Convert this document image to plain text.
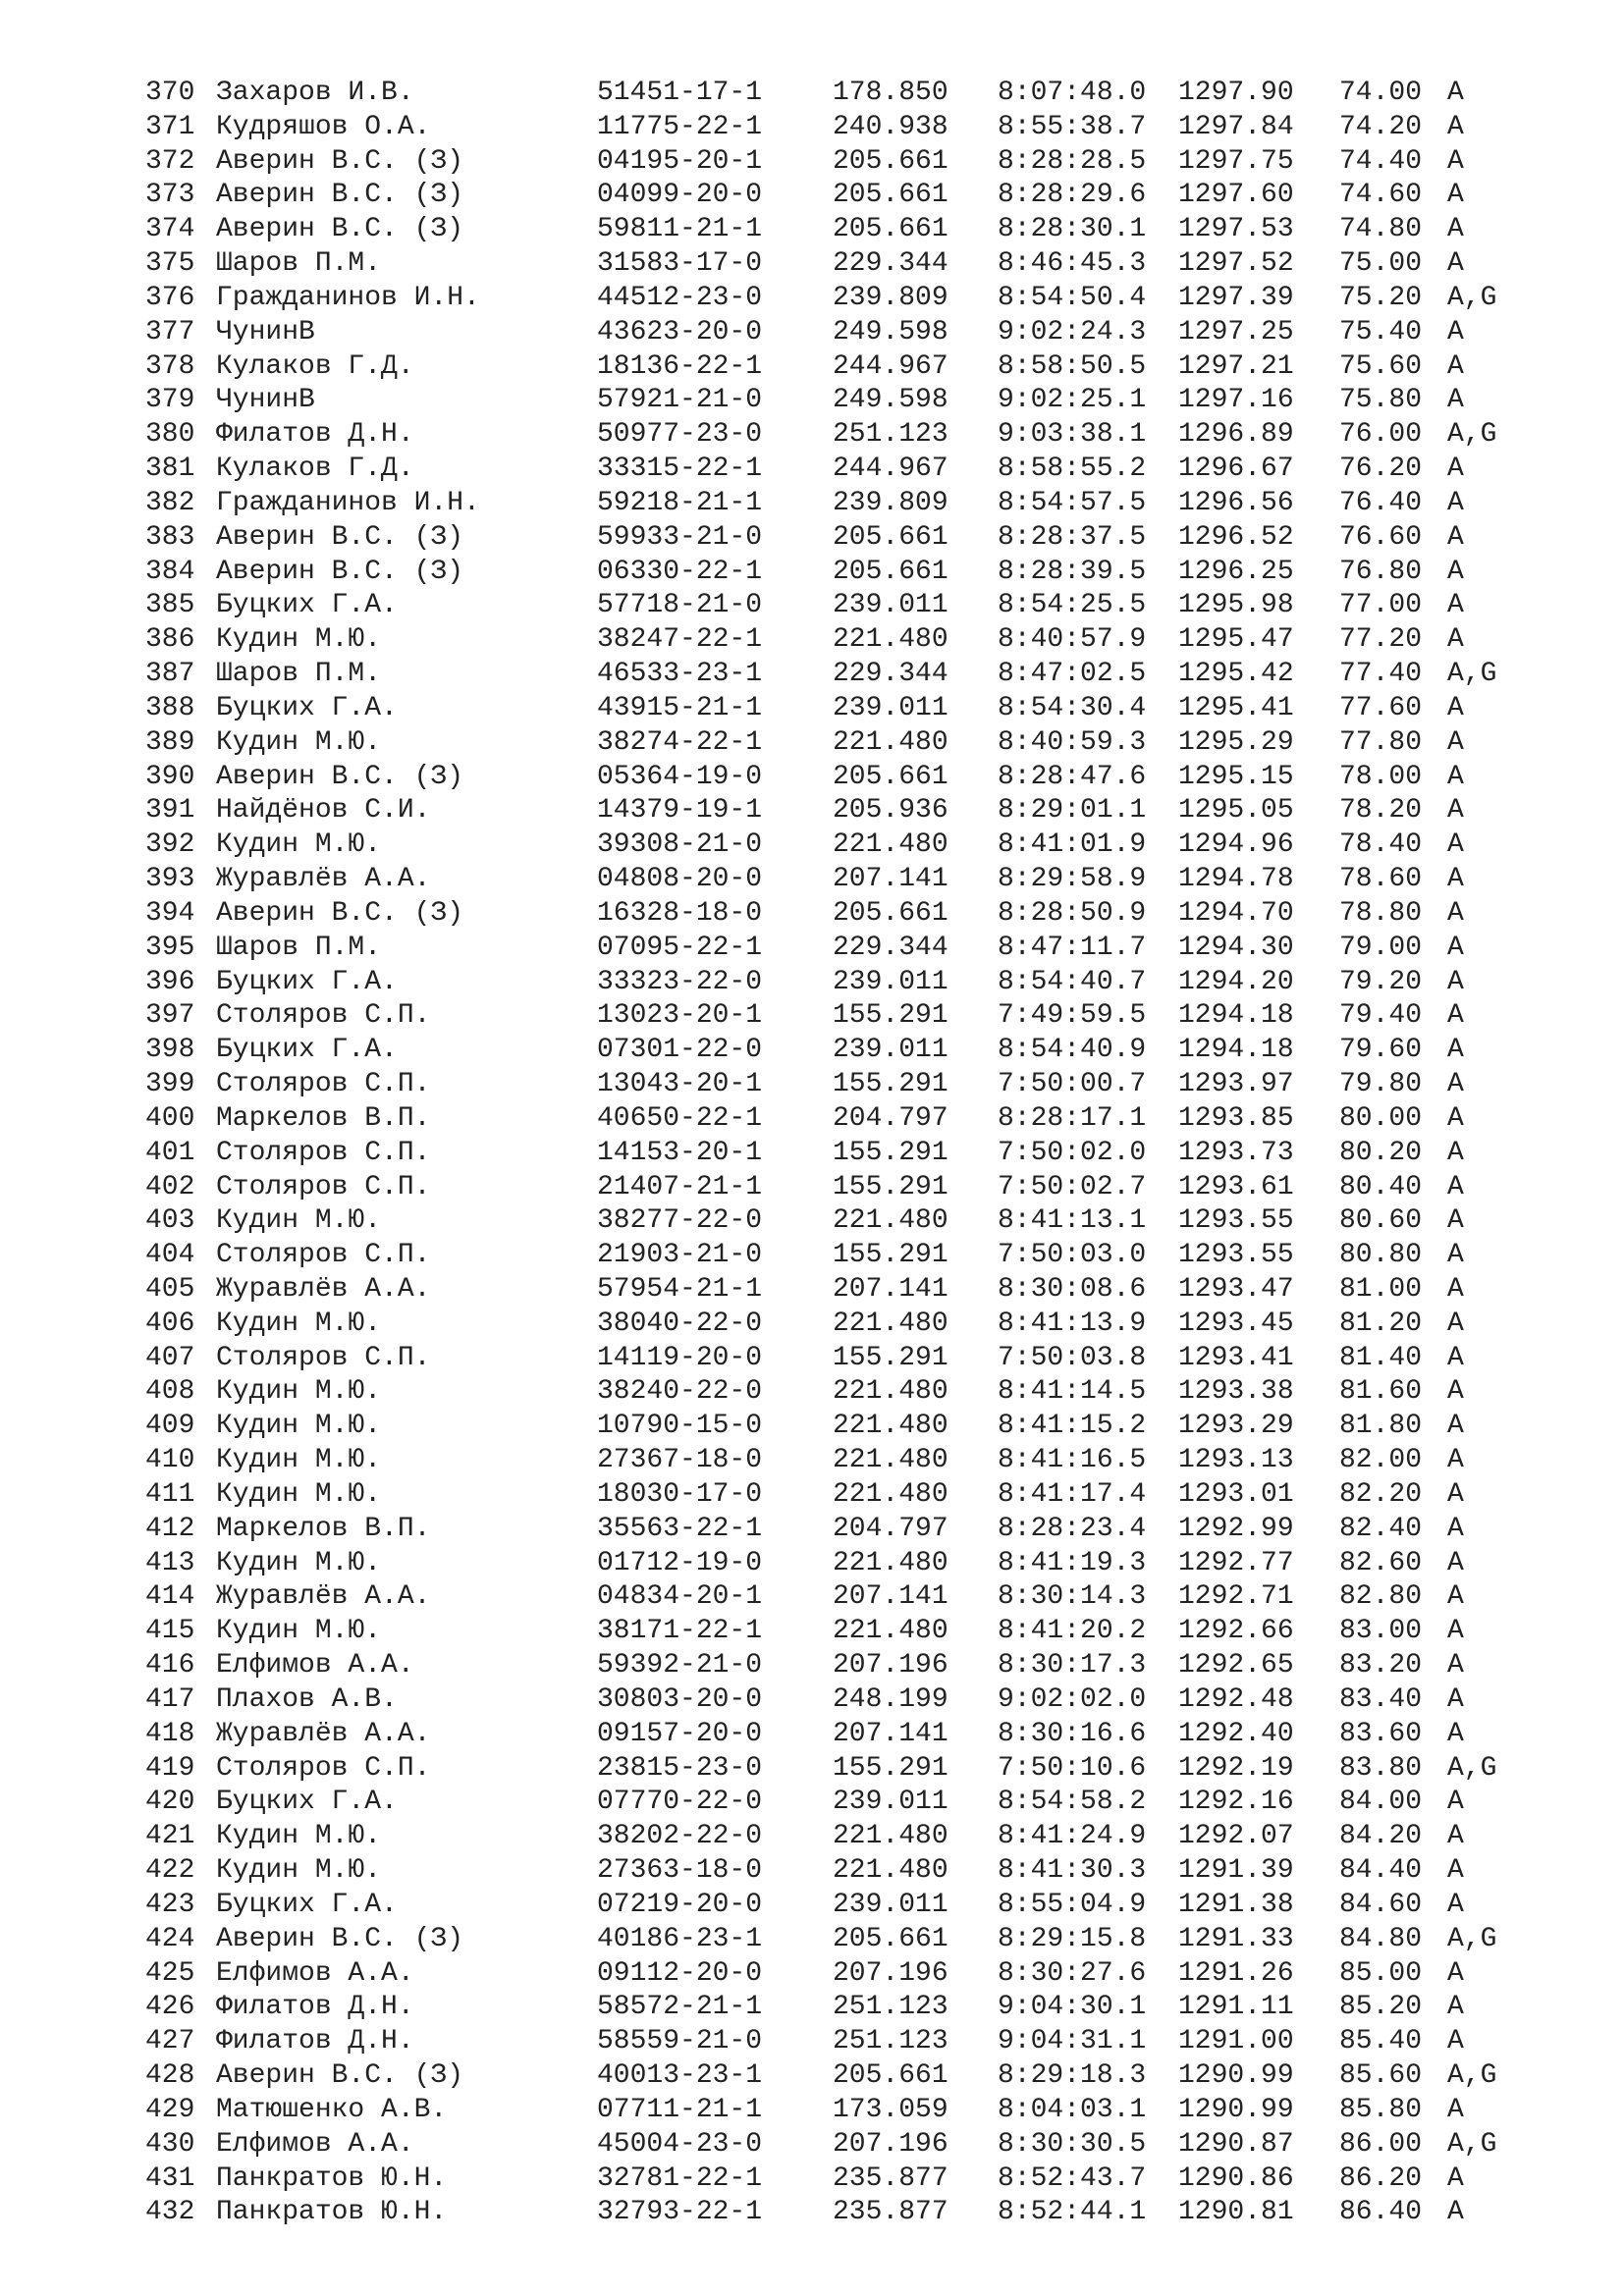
370 Захаров И.В.	51451-17-1	178.850 8:07:48.0 1297.90 74.00 A
371 Кудряшов О.А.	11775-22-1	240.938 8:55:38.7 1297.84 74.20 A
372 Аверин В.С. (З)	04195-20-1	205.661 8:28:28.5 1297.75 74.40 A
373 Аверин В.С. (З)	04099-20-0	205.661 8:28:29.6 1297.60 74.60 A
374 Аверин В.С. (З)	59811-21-1	205.661 8:28:30.1 1297.53 74.80 A
375 Шаров П.М.	31583-17-0	229.344 8:46:45.3 1297.52 75.00 A
376 Гражданинов И.Н.	44512-23-0	239.809 8:54:50.4 1297.39 75.20 A,G
377 ЧунинВ	43623-20-0	249.598 9:02:24.3 1297.25 75.40 A
378 Кулаков Г.Д.	18136-22-1	244.967 8:58:50.5 1297.21 75.60 A
379 ЧунинВ	57921-21-0	249.598 9:02:25.1 1297.16 75.80 A
380 Филатов Д.Н.	50977-23-0	251.123 9:03:38.1 1296.89 76.00 A,G
381 Кулаков Г.Д.	33315-22-1	244.967 8:58:55.2 1296.67 76.20 A
382 Гражданинов И.Н.	59218-21-1	239.809 8:54:57.5 1296.56 76.40 A
383 Аверин В.С. (З)	59933-21-0	205.661 8:28:37.5 1296.52 76.60 A
384 Аверин В.С. (З)	06330-22-1	205.661 8:28:39.5 1296.25 76.80 A
385 Буцких Г.А.	57718-21-0	239.011 8:54:25.5 1295.98 77.00 A
386 Кудин М.Ю.	38247-22-1	221.480 8:40:57.9 1295.47 77.20 A
387 Шаров П.М.	46533-23-1	229.344 8:47:02.5 1295.42 77.40 A,G
388 Буцких Г.А.	43915-21-1	239.011 8:54:30.4 1295.41 77.60 A
389 Кудин М.Ю.	38274-22-1	221.480 8:40:59.3 1295.29 77.80 A
390 Аверин В.С. (З)	05364-19-0	205.661 8:28:47.6 1295.15 78.00 A
391 Найдёнов С.И.	14379-19-1	205.936 8:29:01.1 1295.05 78.20 A
392 Кудин М.Ю.	39308-21-0	221.480 8:41:01.9 1294.96 78.40 A
393 Журавлёв А.А.	04808-20-0	207.141 8:29:58.9 1294.78 78.60 A
394 Аверин В.С. (З)	16328-18-0	205.661 8:28:50.9 1294.70 78.80 A
395 Шаров П.М.	07095-22-1	229.344 8:47:11.7 1294.30 79.00 A
396 Буцких Г.А.	33323-22-0	239.011 8:54:40.7 1294.20 79.20 A
397 Столяров С.П.	13023-20-1	155.291 7:49:59.5 1294.18 79.40 A
398 Буцких Г.А.	07301-22-0	239.011 8:54:40.9 1294.18 79.60 A
399 Столяров С.П.	13043-20-1	155.291 7:50:00.7 1293.97 79.80 A
400 Маркелов В.П.	40650-22-1	204.797 8:28:17.1 1293.85 80.00 A
401 Столяров С.П.	14153-20-1	155.291 7:50:02.0 1293.73 80.20 A
402 Столяров С.П.	21407-21-1	155.291 7:50:02.7 1293.61 80.40 A
403 Кудин М.Ю.	38277-22-0	221.480 8:41:13.1 1293.55 80.60 A
404 Столяров С.П.	21903-21-0	155.291 7:50:03.0 1293.55 80.80 A
405 Журавлёв А.А.	57954-21-1	207.141 8:30:08.6 1293.47 81.00 A
406 Кудин М.Ю.	38040-22-0	221.480 8:41:13.9 1293.45 81.20 A
407 Столяров С.П.	14119-20-0	155.291 7:50:03.8 1293.41 81.40 A
408 Кудин М.Ю.	38240-22-0	221.480 8:41:14.5 1293.38 81.60 A
409 Кудин М.Ю.	10790-15-0	221.480 8:41:15.2 1293.29 81.80 A
410 Кудин М.Ю.	27367-18-0	221.480 8:41:16.5 1293.13 82.00 A
411 Кудин М.Ю.	18030-17-0	221.480 8:41:17.4 1293.01 82.20 A
412 Маркелов В.П.	35563-22-1	204.797 8:28:23.4 1292.99 82.40 A
413 Кудин М.Ю.	01712-19-0	221.480 8:41:19.3 1292.77 82.60 A
414 Журавлёв А.А.	04834-20-1	207.141 8:30:14.3 1292.71 82.80 A
415 Кудин М.Ю.	38171-22-1	221.480 8:41:20.2 1292.66 83.00 A
416 Елфимов А.А.	59392-21-0	207.196 8:30:17.3 1292.65 83.20 A
417 Плахов А.В.	30803-20-0	248.199 9:02:02.0 1292.48 83.40 A
418 Журавлёв А.А.	09157-20-0	207.141 8:30:16.6 1292.40 83.60 A
419 Столяров С.П.	23815-23-0	155.291 7:50:10.6 1292.19 83.80 A,G
420 Буцких Г.А.	07770-22-0	239.011 8:54:58.2 1292.16 84.00 A
421 Кудин М.Ю.	38202-22-0	221.480 8:41:24.9 1292.07 84.20 A
422 Кудин М.Ю.	27363-18-0	221.480 8:41:30.3 1291.39 84.40 A
423 Буцких Г.А.	07219-20-0	239.011 8:55:04.9 1291.38 84.60 A
424 Аверин В.С. (З)	40186-23-1	205.661 8:29:15.8 1291.33 84.80 A,G
425 Елфимов А.А.	09112-20-0	207.196 8:30:27.6 1291.26 85.00 A
426 Филатов Д.Н.	58572-21-1	251.123 9:04:30.1 1291.11 85.20 A
427 Филатов Д.Н.	58559-21-0	251.123 9:04:31.1 1291.00 85.40 A
428 Аверин В.С. (З)	40013-23-1	205.661 8:29:18.3 1290.99 85.60 A,G
429 Матюшенко А.В.	07711-21-1	173.059 8:04:03.1 1290.99 85.80 A
430 Елфимов А.А.	45004-23-0	207.196 8:30:30.5 1290.87 86.00 A,G
431 Панкратов Ю.Н.	32781-22-1	235.877 8:52:43.7 1290.86 86.20 A
432 Панкратов Ю.Н.	32793-22-1	235.877 8:52:44.1 1290.81 86.40 A
